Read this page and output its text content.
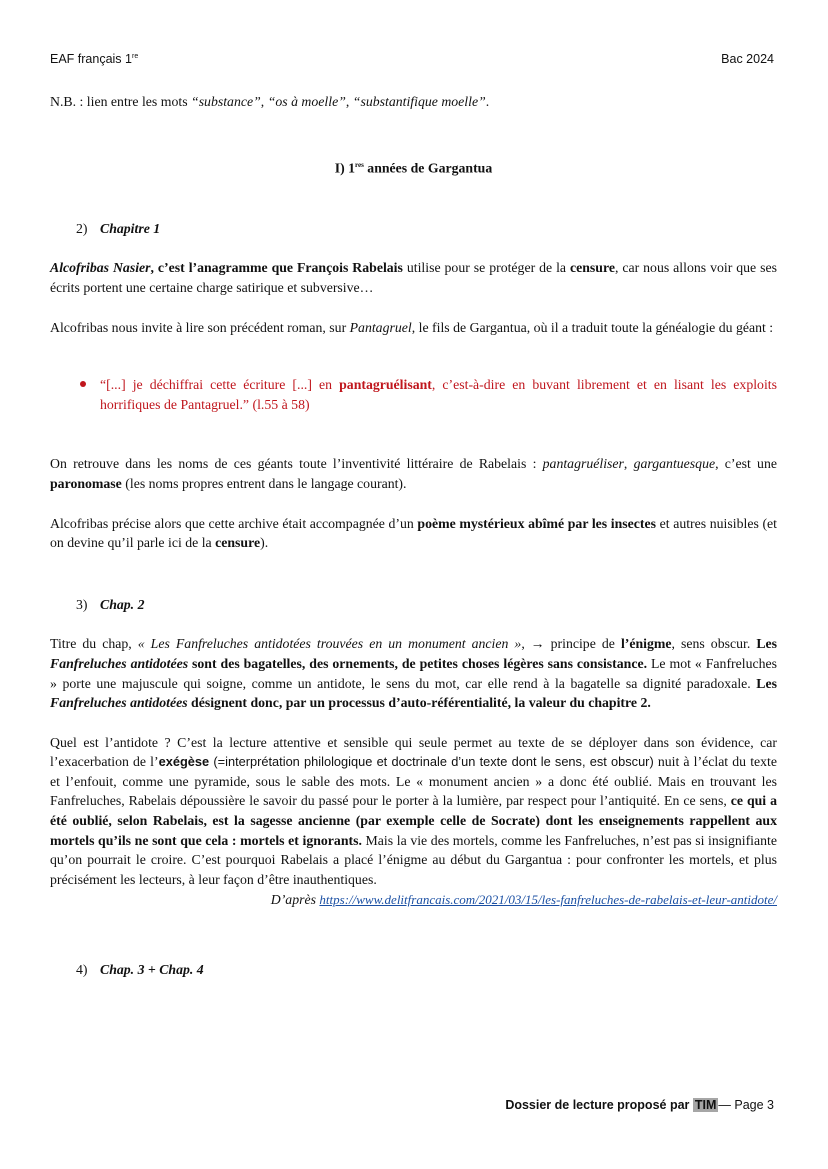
EAF français 1re	Bac 2024

N.B. : lien entre les mots “substance”, “os à moelle”, “substantifique moelle”.

I) 1res années de Gargantua
2) Chapitre 1

Alcofribas Nasier, c’est l’anagramme que François Rabelais utilise pour se protéger de la censure, car nous allons voir que ses écrits portent une certaine charge satirique et subversive…

Alcofribas nous invite à lire son précédent roman, sur Pantagruel, le fils de Gargantua, où il a traduit toute la généalogie du géant :

“[...] je déchiffrai cette écriture [...] en pantagruélisant, c’est-à-dire en buvant librement et en lisant les exploits horrifiques de Pantagruel.” (l.55 à 58)

On retrouve dans les noms de ces géants toute l’inventivité littéraire de Rabelais : pantagruéliser, gargantuesque, c’est une paronomase (les noms propres entrent dans le langage courant).

Alcofribas précise alors que cette archive était accompagnée d’un poème mystérieux abîmé par les insectes et autres nuisibles (et on devine qu’il parle ici de la censure).

3) Chap. 2

Titre du chap, « Les Fanfreluches antidotées trouvées en un monument ancien », → principe de l’énigme, sens obscur. Les Fanfreluches antidotées sont des bagatelles, des ornements, de petites choses légères sans consistance. Le mot « Fanfreluches » porte une majuscule qui soigne, comme un antidote, le sens du mot, car elle rend à la bagatelle sa dignité paradoxale. Les Fanfreluches antidotées désignent donc, par un processus d’auto-référentialité, la valeur du chapitre 2.

Quel est l’antidote ? C’est la lecture attentive et sensible qui seule permet au texte de se déployer dans son évidence, car l’exacerbation de l’exégèse (=interprétation philologique et doctrinale d’un texte dont le sens, est obscur) nuit à l’éclat du texte et l’enfouit, comme une pyramide, sous le sable des mots. Le « monument ancien » a donc été oublié. Mais en trouvant les Fanfreluches, Rabelais dépoussière le savoir du passé pour le porter à la lumière, par respect pour l’antiquité. En ce sens, ce qui a été oublié, selon Rabelais, est la sagesse ancienne (par exemple celle de Socrate) dont les enseignements rappellent aux mortels qu’ils ne sont que cela : mortels et ignorants. Mais la vie des mortels, comme les Fanfreluches, n’est pas si insignifiante qu’on pourrait le croire. C’est pourquoi Rabelais a placé l’énigme au début du Gargantua : pour confronter les mortels, et plus précisément les lecteurs, à leur façon d’être inauthentiques.

D’après https://www.delitfrancais.com/2021/03/15/les-fanfreluches-de-rabelais-et-leur-antidote/
4) Chap. 3 + Chap. 4
Dossier de lecture proposé par TIM — Page 3
